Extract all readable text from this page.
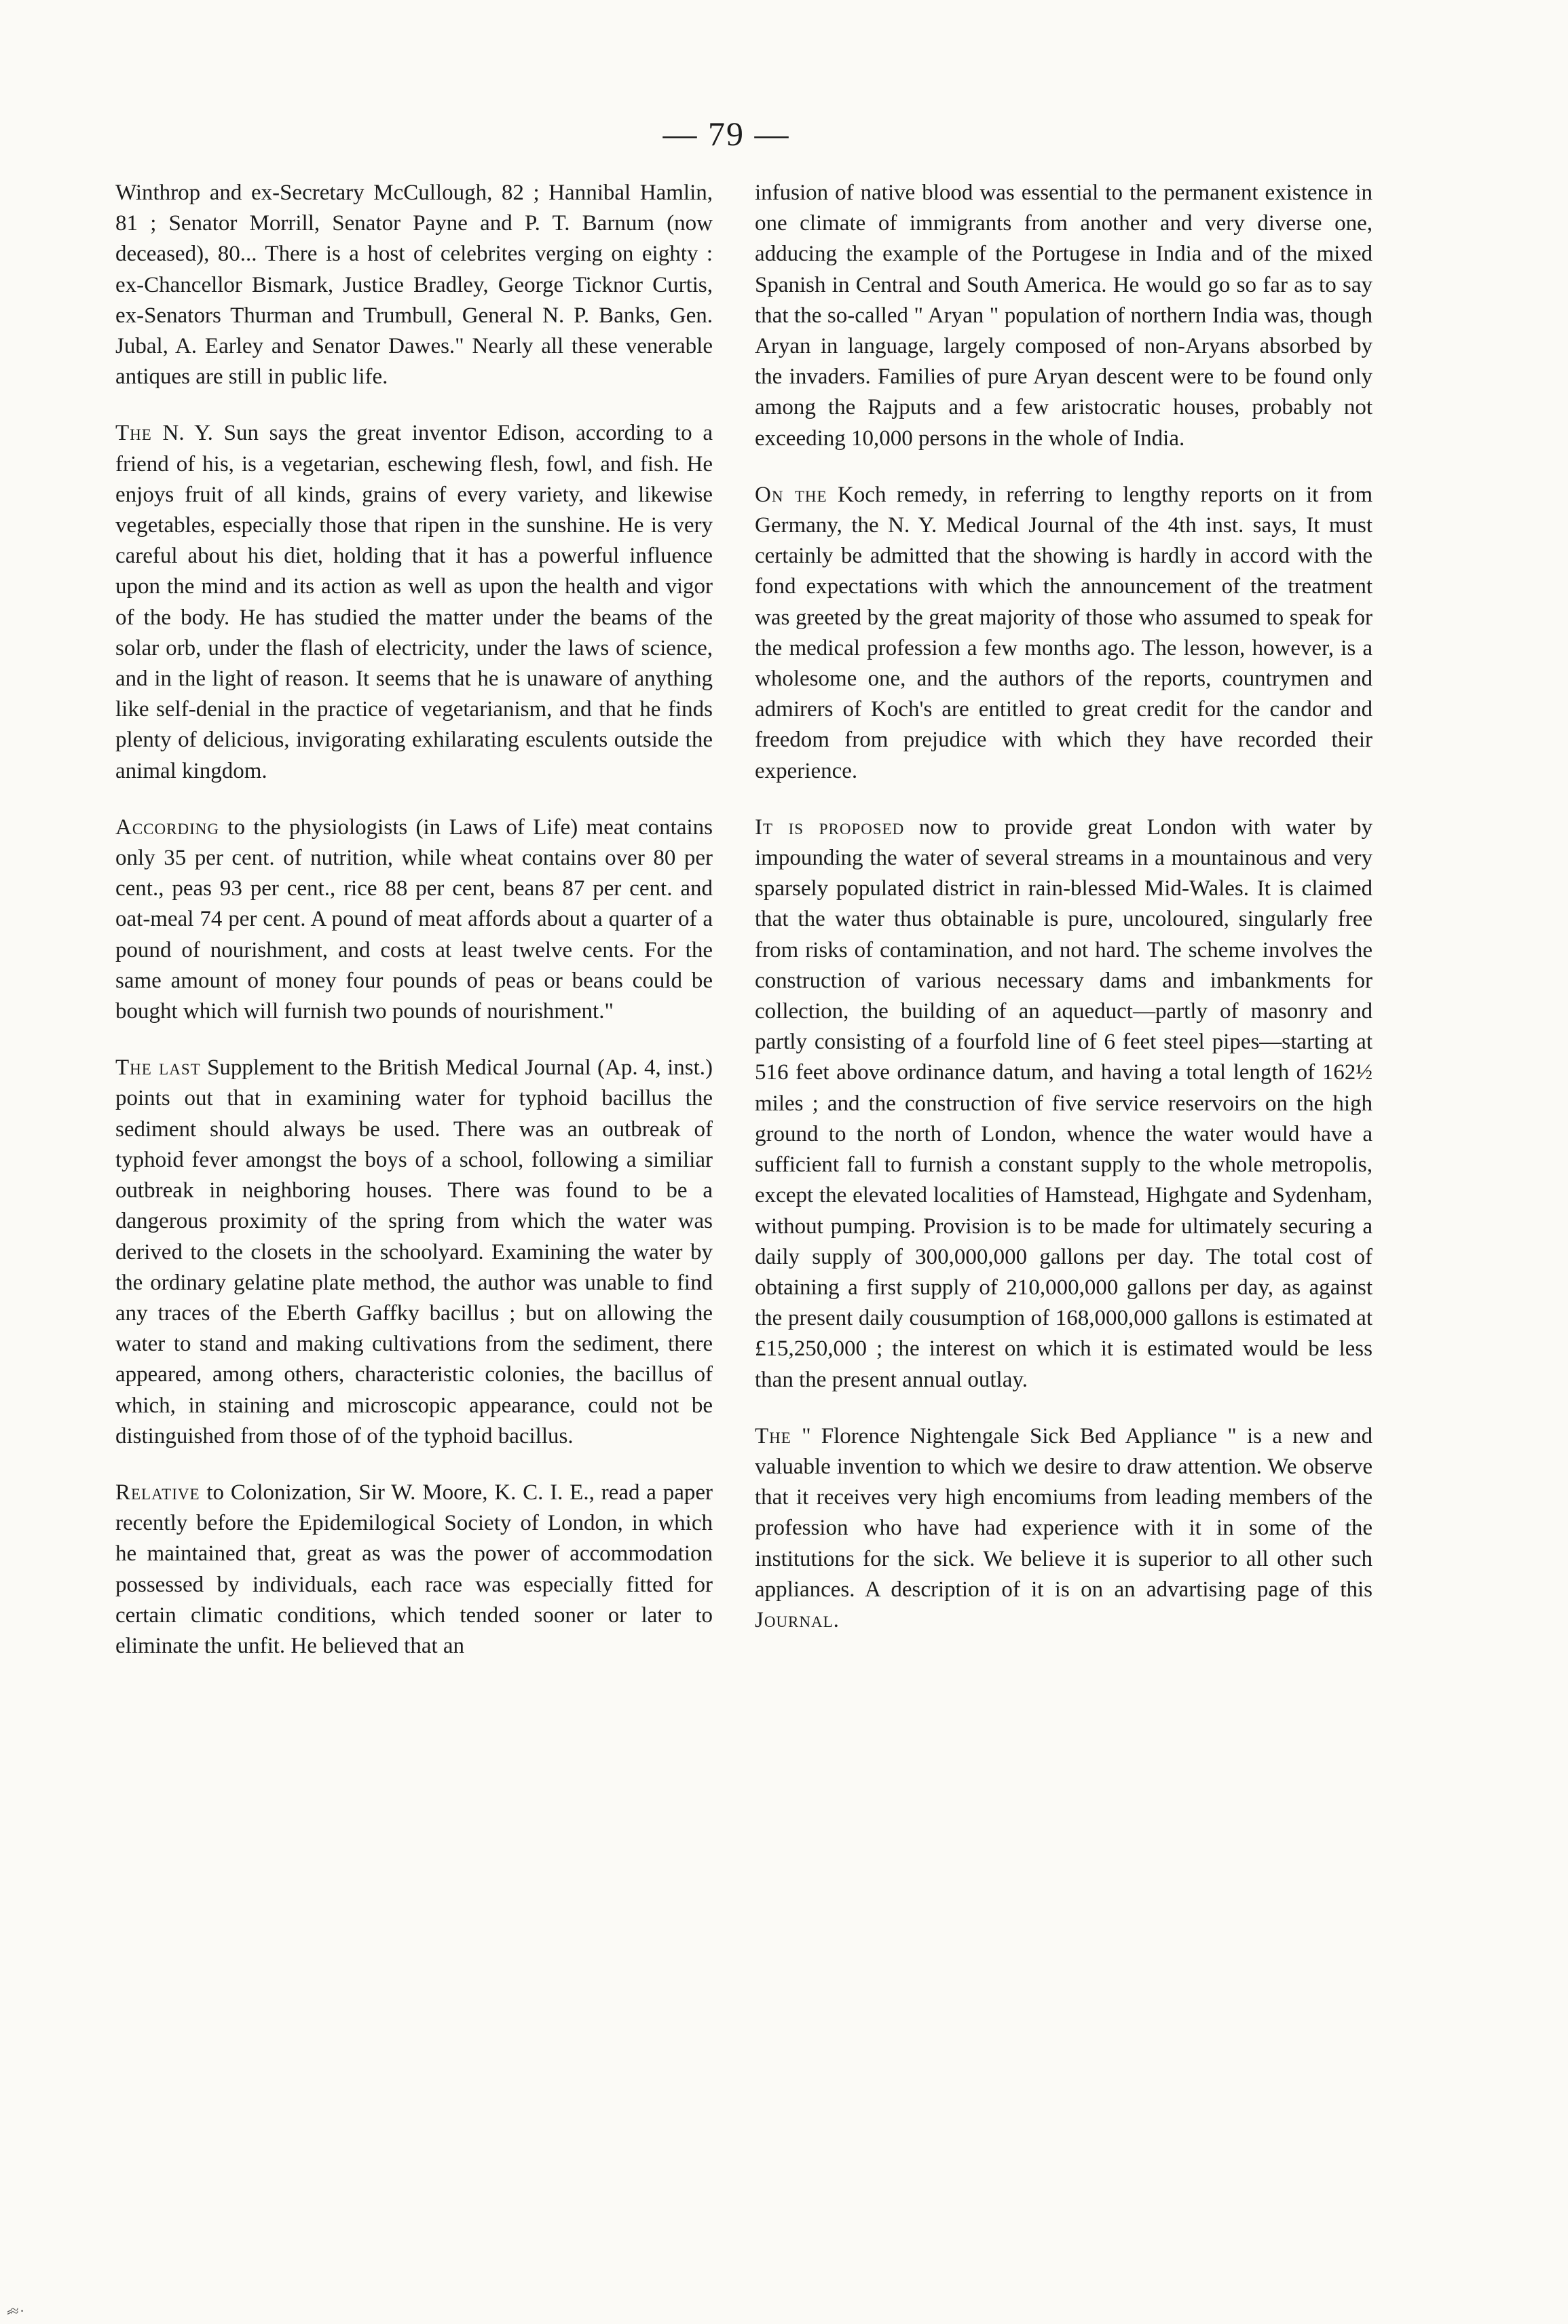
— 79 —

Winthrop and ex-Secretary McCullough, 82 ; Hannibal Hamlin, 81 ; Senator Morrill, Senator Payne and P. T. Barnum (now deceased), 80... There is a host of celebrites verging on eighty : ex-Chancellor Bismark, Justice Bradley, George Ticknor Curtis, ex-Senators Thurman and Trumbull, General N. P. Banks, Gen. Jubal, A. Earley and Senator Dawes." Nearly all these venerable antiques are still in public life.

The N. Y. Sun says the great inventor Edison, according to a friend of his, is a vegetarian, eschewing flesh, fowl, and fish. He enjoys fruit of all kinds, grains of every variety, and likewise vegetables, especially those that ripen in the sunshine. He is very careful about his diet, holding that it has a powerful influence upon the mind and its action as well as upon the health and vigor of the body. He has studied the matter under the beams of the solar orb, under the flash of electricity, under the laws of science, and in the light of reason. It seems that he is unaware of anything like self-denial in the practice of vegetarianism, and that he finds plenty of delicious, invigorating exhilarating esculents outside the animal kingdom.

According to the physiologists (in Laws of Life) meat contains only 35 per cent. of nutrition, while wheat contains over 80 per cent., peas 93 per cent., rice 88 per cent, beans 87 per cent. and oat-meal 74 per cent. A pound of meat affords about a quarter of a pound of nourishment, and costs at least twelve cents. For the same amount of money four pounds of peas or beans could be bought which will furnish two pounds of nourishment."

The last Supplement to the British Medical Journal (Ap. 4, inst.) points out that in examining water for typhoid bacillus the sediment should always be used. There was an outbreak of typhoid fever amongst the boys of a school, following a similiar outbreak in neighboring houses. There was found to be a dangerous proximity of the spring from which the water was derived to the closets in the schoolyard. Examining the water by the ordinary gelatine plate method, the author was unable to find any traces of the Eberth Gaffky bacillus ; but on allowing the water to stand and making cultivations from the sediment, there appeared, among others, characteristic colonies, the bacillus of which, in staining and microscopic appearance, could not be distinguished from those of of the typhoid bacillus.

Relative to Colonization, Sir W. Moore, K. C. I. E., read a paper recently before the Epidemilogical Society of London, in which he maintained that, great as was the power of accommodation possessed by individuals, each race was especially fitted for certain climatic conditions, which tended sooner or later to eliminate the unfit. He believed that an

infusion of native blood was essential to the permanent existence in one climate of immigrants from another and very diverse one, adducing the example of the Portugese in India and of the mixed Spanish in Central and South America. He would go so far as to say that the so-called " Aryan " population of northern India was, though Aryan in language, largely composed of non-Aryans absorbed by the invaders. Families of pure Aryan descent were to be found only among the Rajputs and a few aristocratic houses, probably not exceeding 10,000 persons in the whole of India.

On the Koch remedy, in referring to lengthy reports on it from Germany, the N. Y. Medical Journal of the 4th inst. says, It must certainly be admitted that the showing is hardly in accord with the fond expectations with which the announcement of the treatment was greeted by the great majority of those who assumed to speak for the medical profession a few months ago. The lesson, however, is a wholesome one, and the authors of the reports, countrymen and admirers of Koch's are entitled to great credit for the candor and freedom from prejudice with which they have recorded their experience.

It is proposed now to provide great London with water by impounding the water of several streams in a mountainous and very sparsely populated district in rain-blessed Mid-Wales. It is claimed that the water thus obtainable is pure, uncoloured, singularly free from risks of contamination, and not hard. The scheme involves the construction of various necessary dams and imbankments for collection, the building of an aqueduct—partly of masonry and partly consisting of a fourfold line of 6 feet steel pipes—starting at 516 feet above ordinance datum, and having a total length of 162½ miles ; and the construction of five service reservoirs on the high ground to the north of London, whence the water would have a sufficient fall to furnish a constant supply to the whole metropolis, except the elevated localities of Hamstead, Highgate and Sydenham, without pumping. Provision is to be made for ultimately securing a daily supply of 300,000,000 gallons per day. The total cost of obtaining a first supply of 210,000,000 gallons per day, as against the present daily cousumption of 168,000,000 gallons is estimated at £15,250,000 ; the interest on which it is estimated would be less than the present annual outlay.

The " Florence Nightengale Sick Bed Appliance " is a new and valuable invention to which we desire to draw attention. We observe that it receives very high encomiums from leading members of the profession who have had experience with it in some of the institutions for the sick. We believe it is superior to all other such appliances. A description of it is on an advartising page of this Journal.

⸗≈ ·
